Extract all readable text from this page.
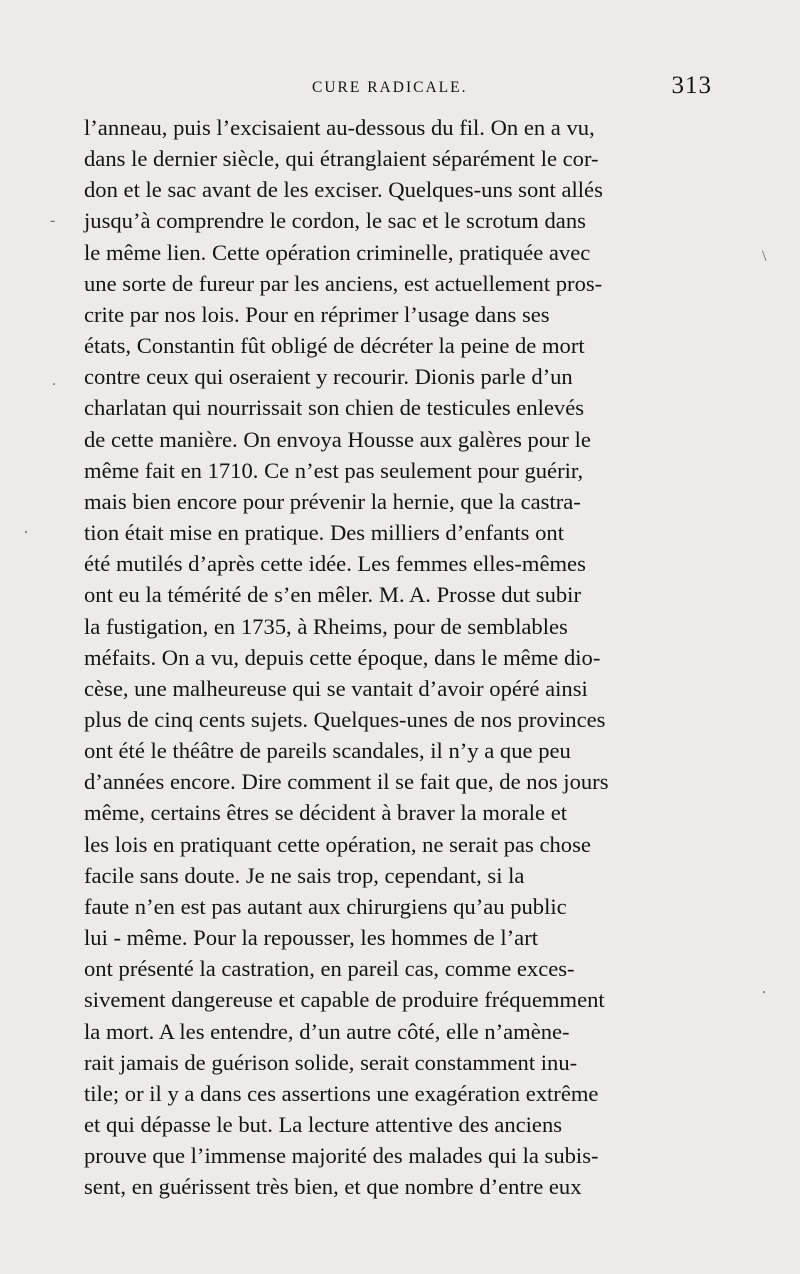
CURE RADICALE.	313
l’anneau, puis l’excisaient au-dessous du fil. On en a vu,
dans le dernier siècle, qui étranglaient séparément le cor-
don et le sac avant de les exciser. Quelques-uns sont allés
jusqu’à comprendre le cordon, le sac et le scrotum dans
le même lien. Cette opération criminelle, pratiquée avec
une sorte de fureur par les anciens, est actuellement pros-
crite par nos lois. Pour en réprimer l’usage dans ses
états, Constantin fût obligé de décréter la peine de mort
contre ceux qui oseraient y recourir. Dionis parle d’un
charlatan qui nourrissait son chien de testicules enlevés
de cette manière. On envoya Housse aux galères pour le
même fait en 1710. Ce n’est pas seulement pour guérir,
mais bien encore pour prévenir la hernie, que la castra-
tion était mise en pratique. Des milliers d’enfants ont
été mutilés d’après cette idée. Les femmes elles-mêmes
ont eu la témérité de s’en mêler. M. A. Prosse dut subir
la fustigation, en 1735, à Rheims, pour de semblables
méfaits. On a vu, depuis cette époque, dans le même dio-
cèse, une malheureuse qui se vantait d’avoir opéré ainsi
plus de cinq cents sujets. Quelques-unes de nos provinces
ont été le théâtre de pareils scandales, il n’y a que peu
d’années encore. Dire comment il se fait que, de nos jours
même, certains êtres se décident à braver la morale et
les lois en pratiquant cette opération, ne serait pas chose
facile sans doute. Je ne sais trop, cependant, si la
faute n’en est pas autant aux chirurgiens qu’au public
lui - même. Pour la repousser, les hommes de l’art
ont présenté la castration, en pareil cas, comme exces-
sivement dangereuse et capable de produire fréquemment
la mort. A les entendre, d’un autre côté, elle n’amène-
rait jamais de guérison solide, serait constamment inu-
tile; or il y a dans ces assertions une exagération extrême
et qui dépasse le but. La lecture attentive des anciens
prouve que l’immense majorité des malades qui la subis-
sent, en guérissent très bien, et que nombre d’entre eux
-
.
\
.
.
